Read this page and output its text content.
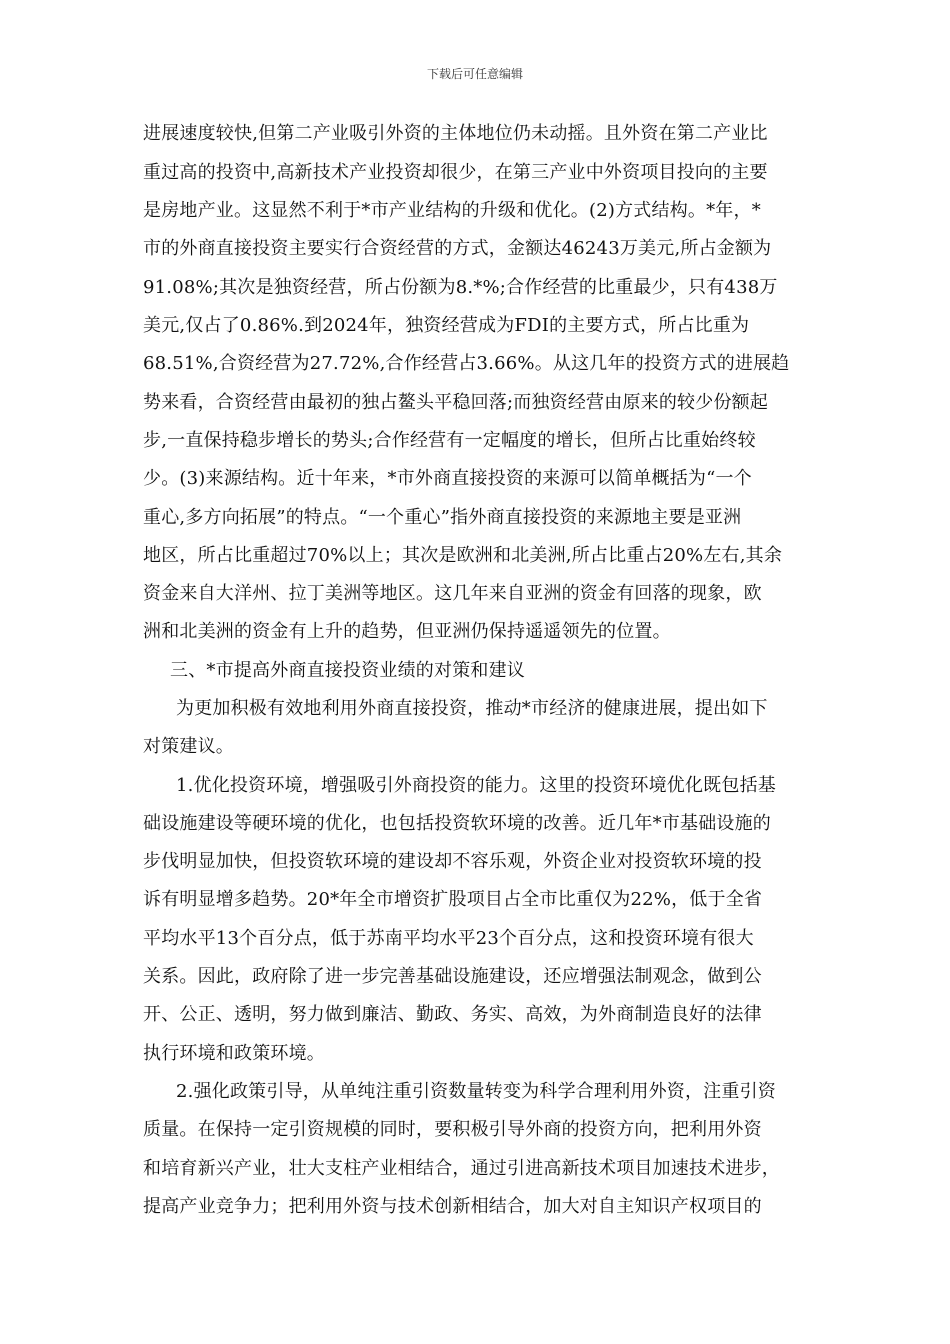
下载后可任意编辑
进展速度较快,但第二产业吸引外资的主体地位仍未动摇。且外资在第二产业比
重过高的投资中,高新技术产业投资却很少，在第三产业中外资项目投向的主要
是房地产业。这显然不利于*市产业结构的升级和优化。(2)方式结构。*年，*
市的外商直接投资主要实行合资经营的方式，金额达46243万美元,所占金额为
91.08%;其次是独资经营，所占份额为8.*%;合作经营的比重最少，只有438万
美元,仅占了0.86%.到2024年，独资经营成为FDI的主要方式，所占比重为
68.51%,合资经营为27.72%,合作经营占3.66%。从这几年的投资方式的进展趋
势来看，合资经营由最初的独占鳌头平稳回落;而独资经营由原来的较少份额起
步,一直保持稳步增长的势头;合作经营有一定幅度的增长，但所占比重始终较
少。(3)来源结构。近十年来，*市外商直接投资的来源可以简单概括为“一个
重心,多方向拓展”的特点。“一个重心”指外商直接投资的来源地主要是亚洲
地区，所占比重超过70%以上；其次是欧洲和北美洲,所占比重占20%左右,其余
资金来自大洋州、拉丁美洲等地区。这几年来自亚洲的资金有回落的现象，欧
洲和北美洲的资金有上升的趋势，但亚洲仍保持遥遥领先的位置。
三、*市提高外商直接投资业绩的对策和建议
为更加积极有效地利用外商直接投资，推动*市经济的健康进展，提出如下
对策建议。
1.优化投资环境，增强吸引外商投资的能力。这里的投资环境优化既包括基
础设施建设等硬环境的优化，也包括投资软环境的改善。近几年*市基础设施的
步伐明显加快，但投资软环境的建设却不容乐观，外资企业对投资软环境的投
诉有明显增多趋势。20*年全市增资扩股项目占全市比重仅为22%，低于全省
平均水平13个百分点，低于苏南平均水平23个百分点，这和投资环境有很大
关系。因此，政府除了进一步完善基础设施建设，还应增强法制观念，做到公
开、公正、透明，努力做到廉洁、勤政、务实、高效，为外商制造良好的法律
执行环境和政策环境。
2.强化政策引导，从单纯注重引资数量转变为科学合理利用外资，注重引资
质量。在保持一定引资规模的同时，要积极引导外商的投资方向，把利用外资
和培育新兴产业，壮大支柱产业相结合，通过引进高新技术项目加速技术进步，
提高产业竞争力；把利用外资与技术创新相结合，加大对自主知识产权项目的
